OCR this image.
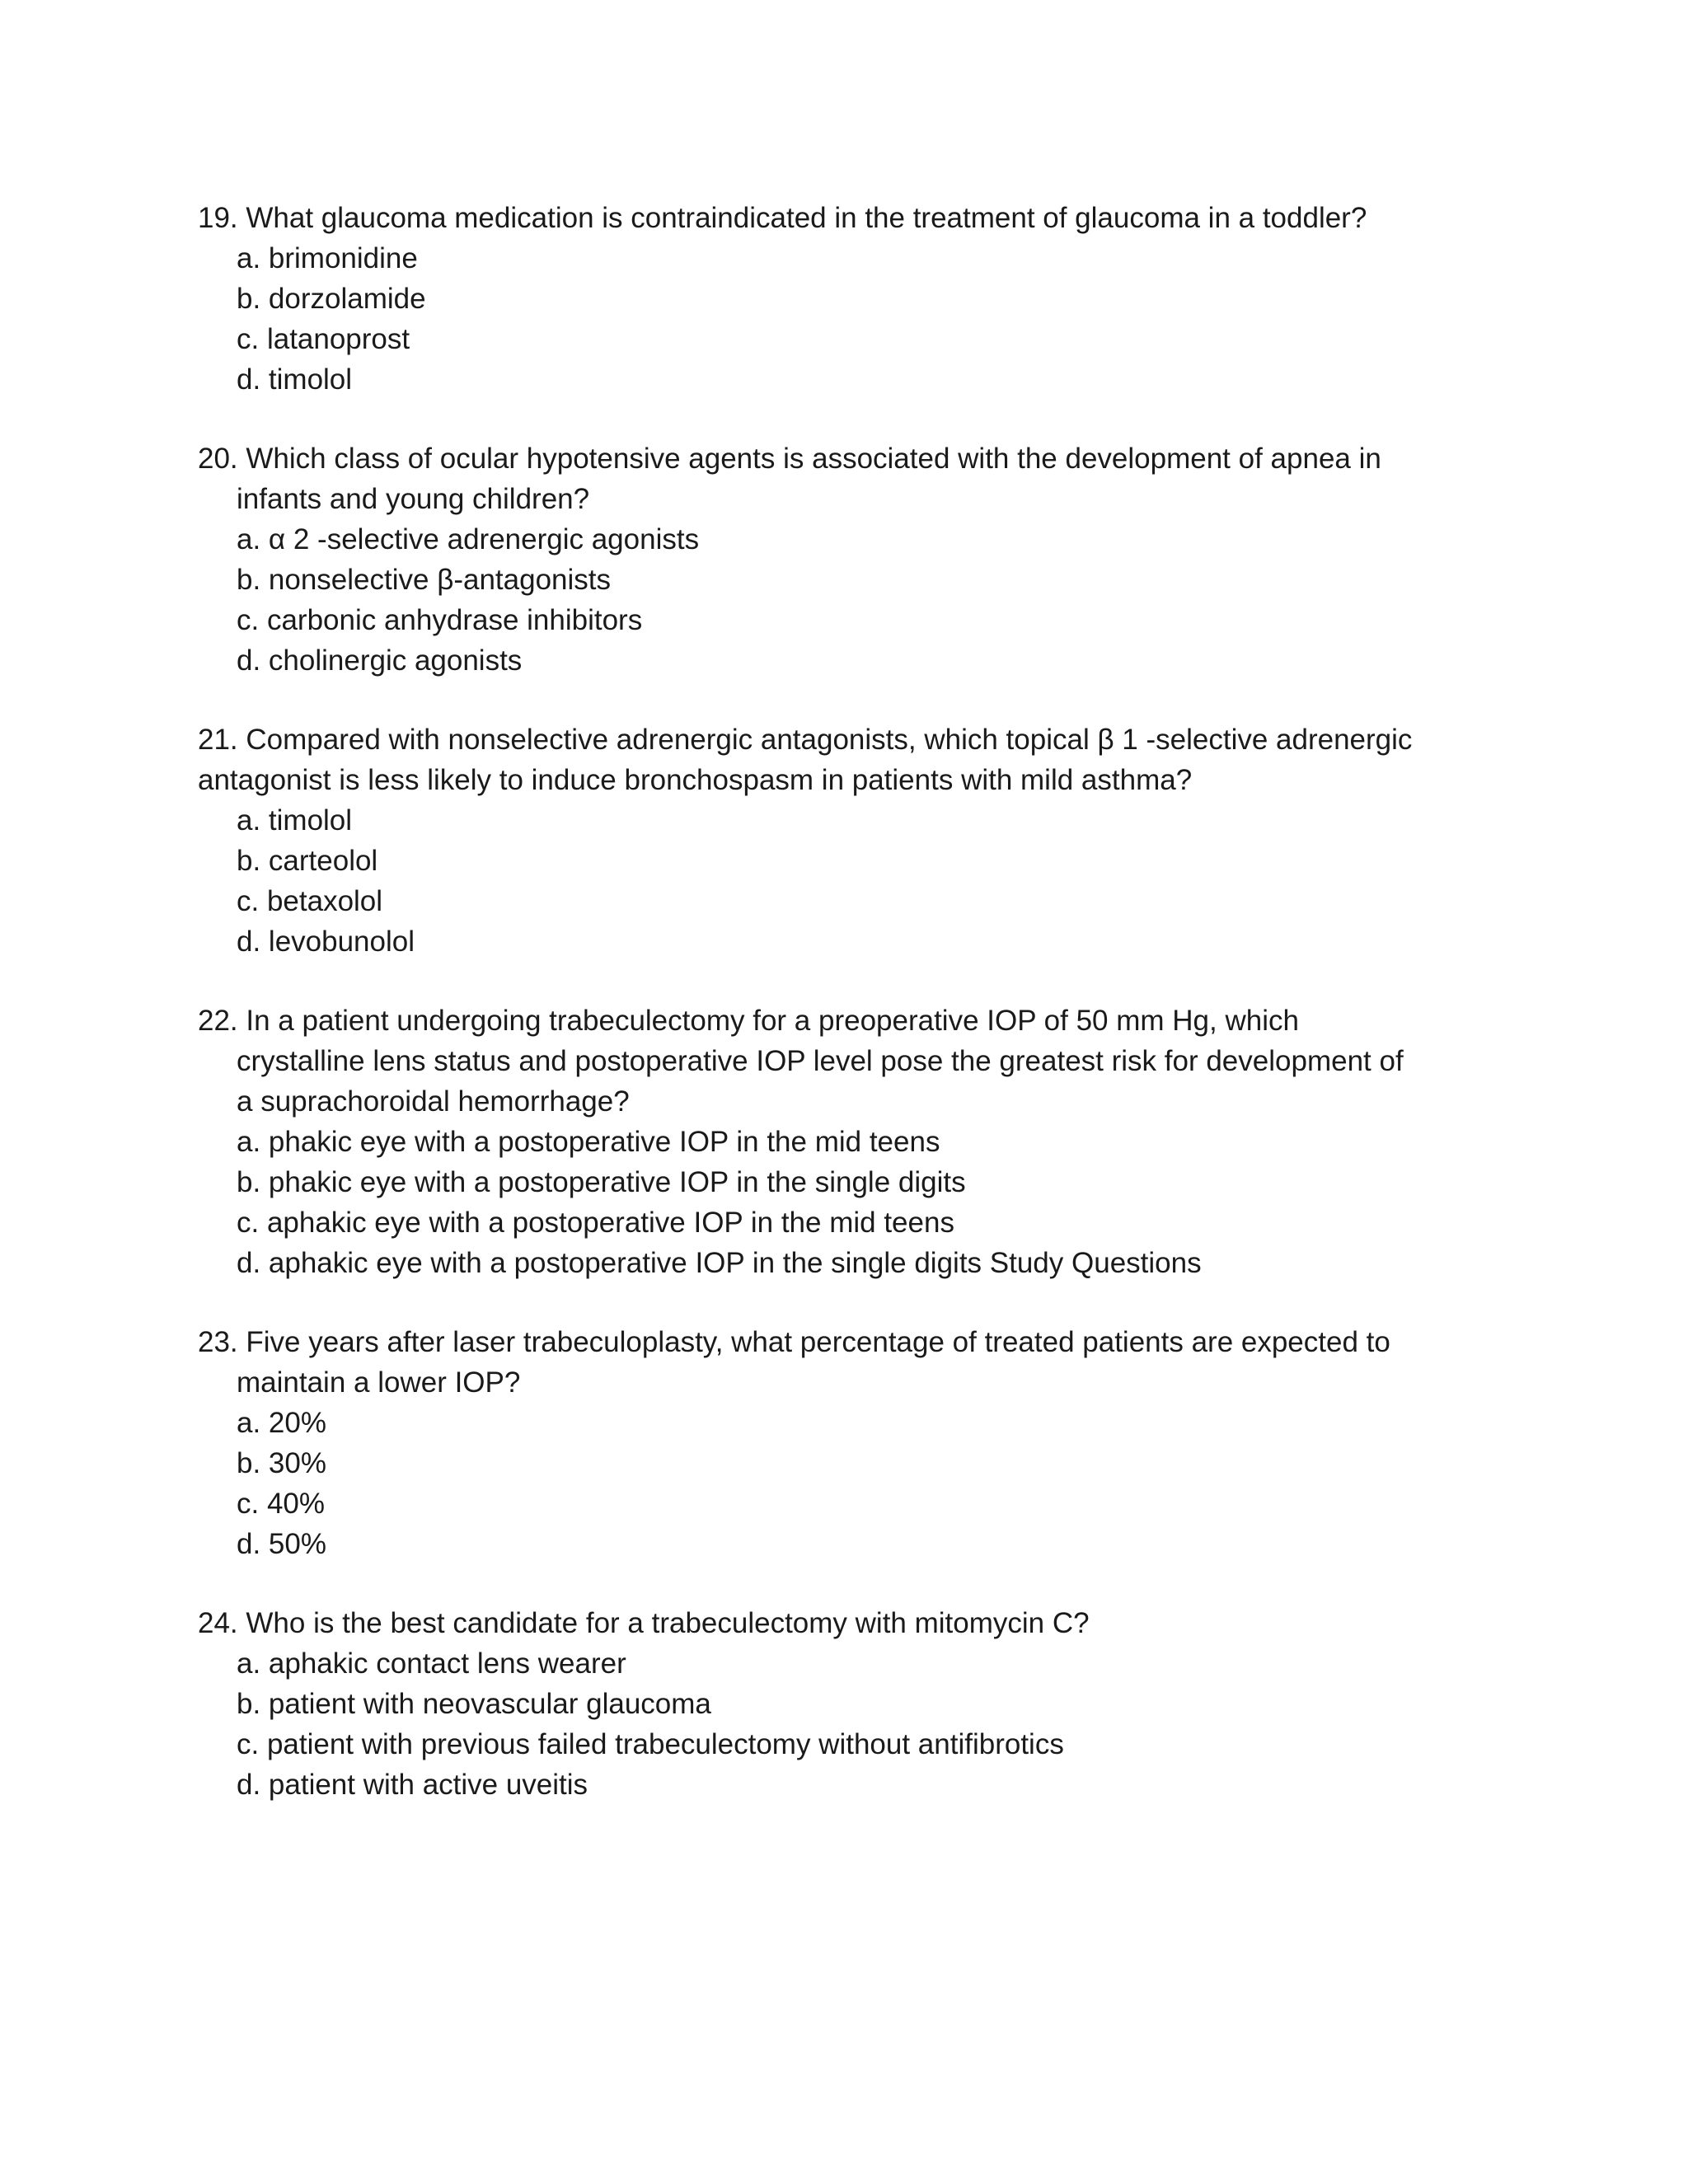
19. What glaucoma medication is contraindicated in the treatment of glaucoma in a toddler?
a. brimonidine
b. dorzolamide
c. latanoprost
d. timolol
20. Which class of ocular hypotensive agents is associated with the development of apnea in
infants and young children?
a. α 2 -selective adrenergic agonists
b. nonselective β-antagonists
c. carbonic anhydrase inhibitors
d. cholinergic agonists
21. Compared with nonselective adrenergic antagonists, which topical β 1 -selective adrenergic
antagonist is less likely to induce bronchospasm in patients with mild asthma?
a. timolol
b. carteolol
c. betaxolol
d. levobunolol
22. In a patient undergoing trabeculectomy for a preoperative IOP of 50 mm Hg, which
crystalline lens status and postoperative IOP level pose the greatest risk for development of
a suprachoroidal hemorrhage?
a. phakic eye with a postoperative IOP in the mid teens
b. phakic eye with a postoperative IOP in the single digits
c. aphakic eye with a postoperative IOP in the mid teens
d. aphakic eye with a postoperative IOP in the single digits Study Questions
23. Five years after laser trabeculoplasty, what percentage of treated patients are expected to
maintain a lower IOP?
a. 20%
b. 30%
c. 40%
d. 50%
24. Who is the best candidate for a trabeculectomy with mitomycin C?
a. aphakic contact lens wearer
b. patient with neovascular glaucoma
c. patient with previous failed trabeculectomy without antifibrotics
d. patient with active uveitis
